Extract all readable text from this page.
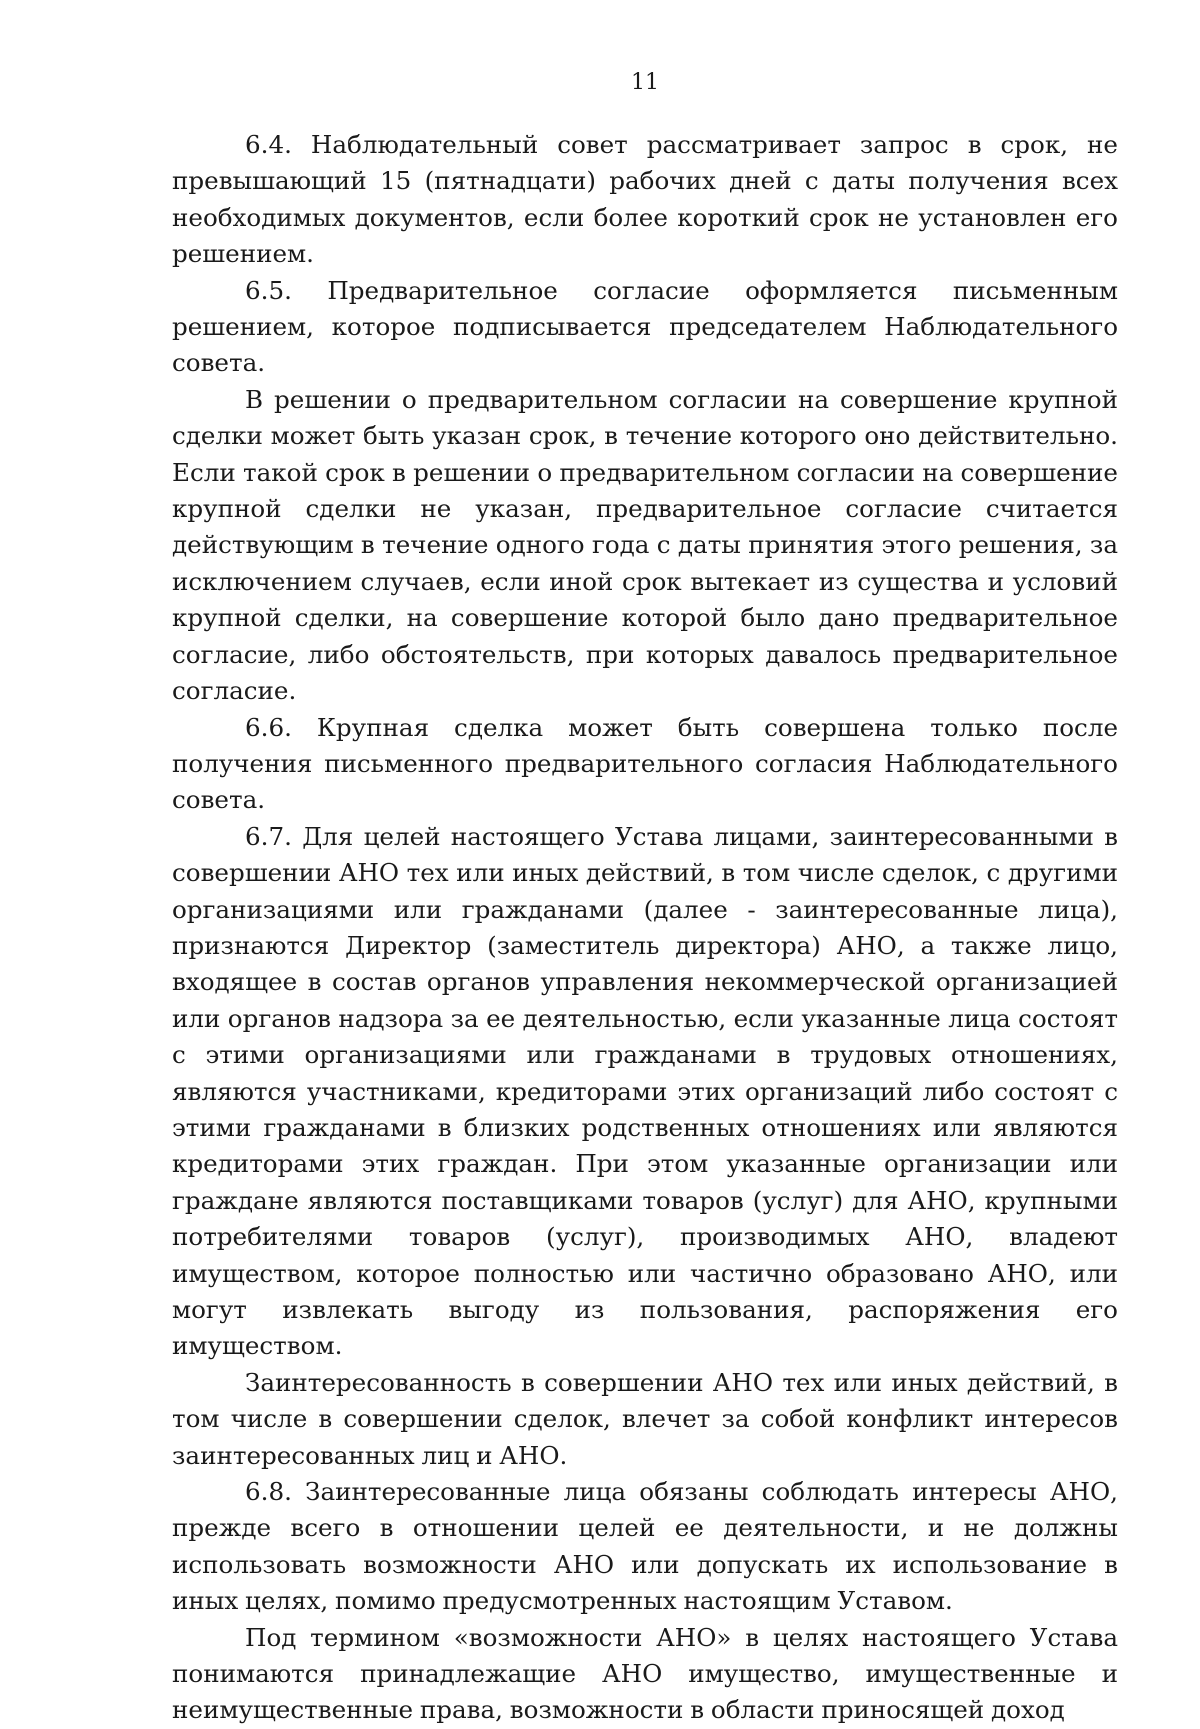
11

6.4. Наблюдательный совет рассматривает запрос в срок, не превышающий 15 (пятнадцати) рабочих дней с даты получения всех необходимых документов, если более короткий срок не установлен его решением.

6.5. Предварительное согласие оформляется письменным решением, которое подписывается председателем Наблюдательного совета.

В решении о предварительном согласии на совершение крупной сделки может быть указан срок, в течение которого оно действительно. Если такой срок в решении о предварительном согласии на совершение крупной сделки не указан, предварительное согласие считается действующим в течение одного года с даты принятия этого решения, за исключением случаев, если иной срок вытекает из существа и условий крупной сделки, на совершение которой было дано предварительное согласие, либо обстоятельств, при которых давалось предварительное согласие.

6.6. Крупная сделка может быть совершена только после получения письменного предварительного согласия Наблюдательного совета.

6.7. Для целей настоящего Устава лицами, заинтересованными в совершении АНО тех или иных действий, в том числе сделок, с другими организациями или гражданами (далее - заинтересованные лица), признаются Директор (заместитель директора) АНО, а также лицо, входящее в состав органов управления некоммерческой организацией или органов надзора за ее деятельностью, если указанные лица состоят с этими организациями или гражданами в трудовых отношениях, являются участниками, кредиторами этих организаций либо состоят с этими гражданами в близких родственных отношениях или являются кредиторами этих граждан. При этом указанные организации или граждане являются поставщиками товаров (услуг) для АНО, крупными потребителями товаров (услуг), производимых АНО, владеют имуществом, которое полностью или частично образовано АНО, или могут извлекать выгоду из пользования, распоряжения его имуществом.

Заинтересованность в совершении АНО тех или иных действий, в том числе в совершении сделок, влечет за собой конфликт интересов заинтересованных лиц и АНО.

6.8. Заинтересованные лица обязаны соблюдать интересы АНО, прежде всего в отношении целей ее деятельности, и не должны использовать возможности АНО или допускать их использование в иных целях, помимо предусмотренных настоящим Уставом.

Под термином «возможности АНО» в целях настоящего Устава понимаются принадлежащие АНО имущество, имущественные и неимущественные права, возможности в области приносящей доход
